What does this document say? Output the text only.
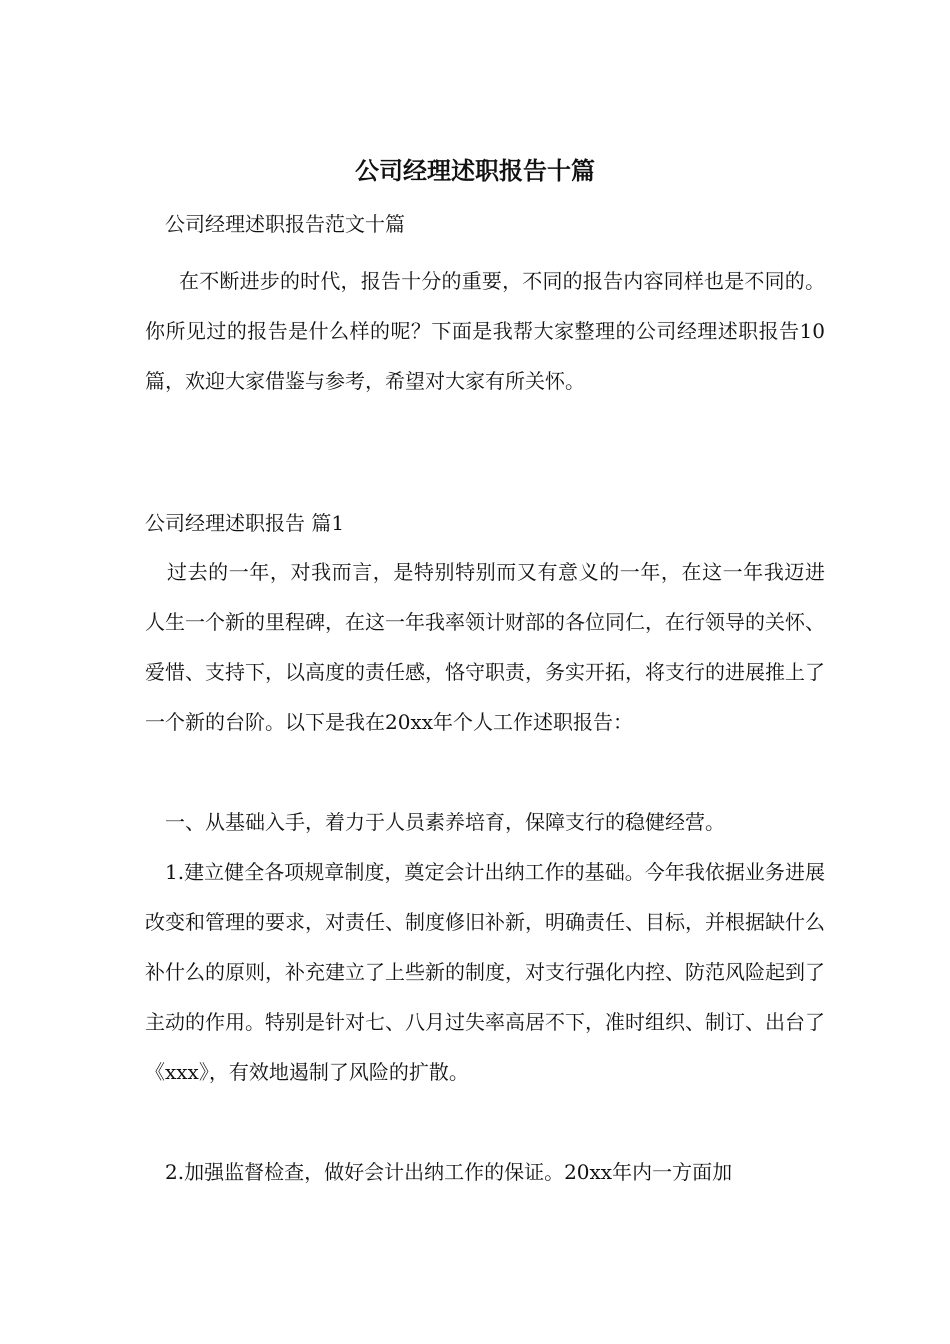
公司经理述职报告十篇

公司经理述职报告范文十篇

在不断进步的时代，报告十分的重要，不同的报告内容同样也是不同的。你所见过的报告是什么样的呢？下面是我帮大家整理的公司经理述职报告10篇，欢迎大家借鉴与参考，希望对大家有所关怀。

公司经理述职报告 篇1

过去的一年，对我而言，是特别特别而又有意义的一年，在这一年我迈进人生一个新的里程碑，在这一年我率领计财部的各位同仁，在行领导的关怀、爱惜、支持下，以高度的责任感，恪守职责，务实开拓，将支行的进展推上了一个新的台阶。以下是我在20xx年个人工作述职报告：

一、从基础入手，着力于人员素养培育，保障支行的稳健经营。

1.建立健全各项规章制度，奠定会计出纳工作的基础。今年我依据业务进展改变和管理的要求，对责任、制度修旧补新，明确责任、目标，并根据缺什么补什么的原则，补充建立了上些新的制度，对支行强化内控、防范风险起到了主动的作用。特别是针对七、八月过失率高居不下，准时组织、制订、出台了《xxx》，有效地遏制了风险的扩散。

2.加强监督检查，做好会计出纳工作的保证。20xx年内一方面加
